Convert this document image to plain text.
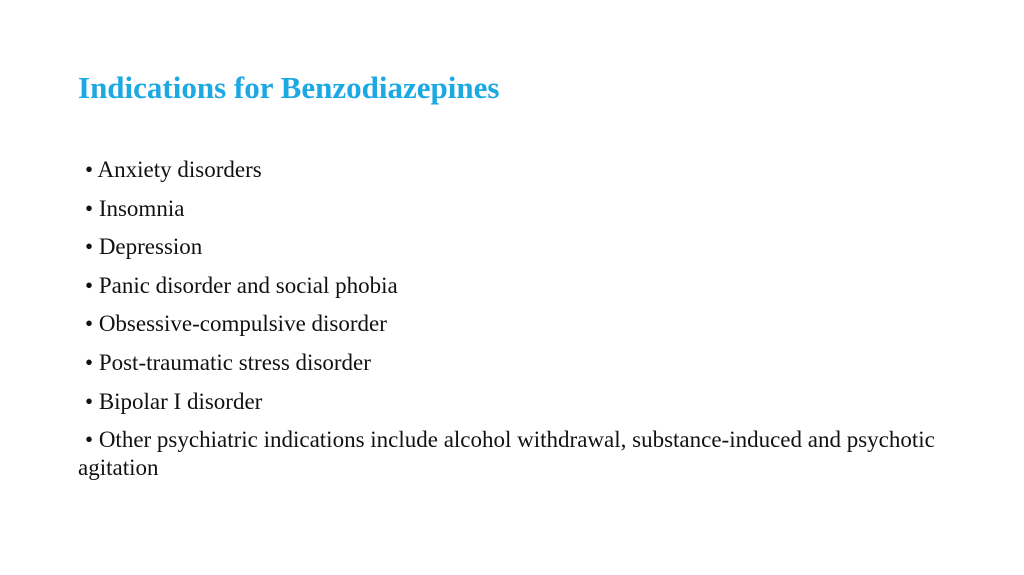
Indications for Benzodiazepines
• Anxiety disorders
• Insomnia
• Depression
• Panic disorder and social phobia
• Obsessive-compulsive disorder
• Post-traumatic stress disorder
• Bipolar I disorder
• Other psychiatric indications include alcohol withdrawal, substance-induced and psychotic agitation
